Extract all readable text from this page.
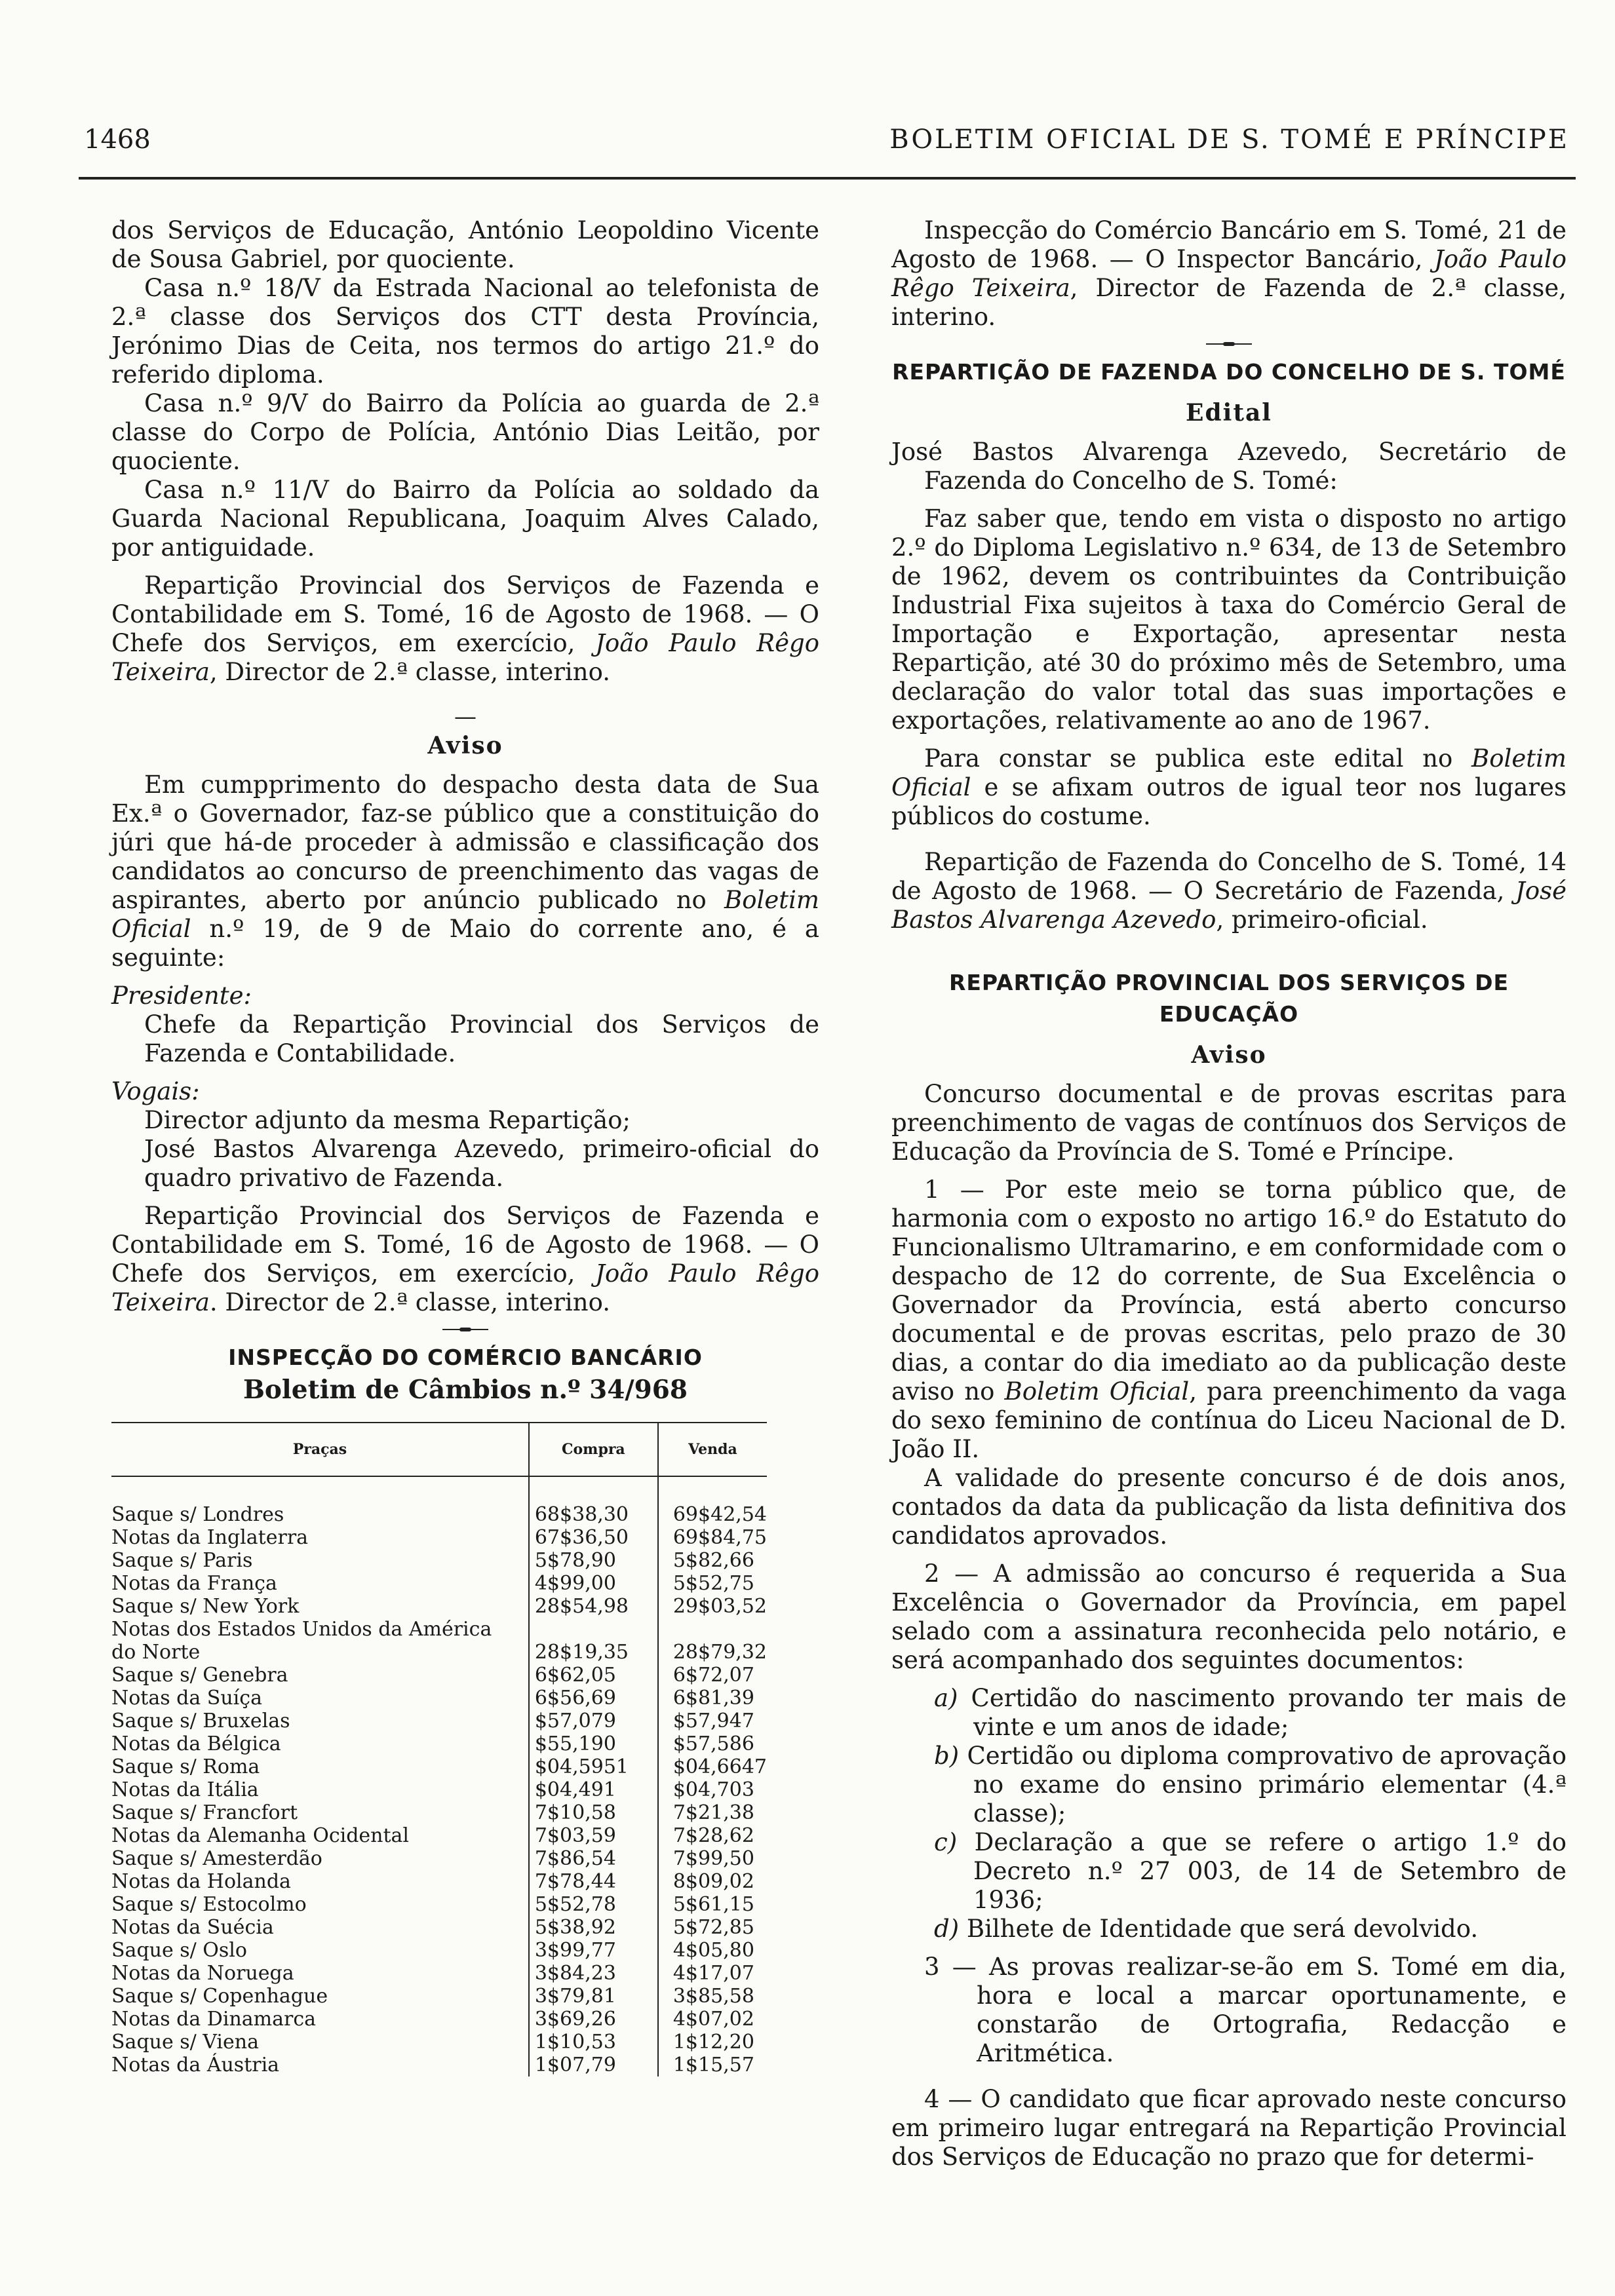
1468	BOLETIM OFICIAL DE S. TOMÉ E PRÍNCIPE

dos Serviços de Educação, António Leopoldino Vicente de Sousa Gabriel, por quociente.

Casa n.º 18/V da Estrada Nacional ao telefonista de 2.ª classe dos Serviços dos CTT desta Província, Jerónimo Dias de Ceita, nos termos do artigo 21.º do referido diploma.

Casa n.º 9/V do Bairro da Polícia ao guarda de 2.ª classe do Corpo de Polícia, António Dias Leitão, por quociente.

Casa n.º 11/V do Bairro da Polícia ao soldado da Guarda Nacional Republicana, Joaquim Alves Calado, por antiguidade.

Repartição Provincial dos Serviços de Fazenda e Contabilidade em S. Tomé, 16 de Agosto de 1968. — O Chefe dos Serviços, em exercício, João Paulo Rêgo Teixeira, Director de 2.ª classe, interino.

—
Aviso

Em cumpprimento do despacho desta data de Sua Ex.ª o Governador, faz-se público que a constituição do júri que há-de proceder à admissão e classificação dos candidatos ao concurso de preenchimento das vagas de aspirantes, aberto por anúncio publicado no Boletim Oficial n.º 19, de 9 de Maio do corrente ano, é a seguinte:

Presidente:

Chefe da Repartição Provincial dos Serviços de Fazenda e Contabilidade.

Vogais:

Director adjunto da mesma Repartição;

José Bastos Alvarenga Azevedo, primeiro-oficial do quadro privativo de Fazenda.

Repartição Provincial dos Serviços de Fazenda e Contabilidade em S. Tomé, 16 de Agosto de 1968. — O Chefe dos Serviços, em exercício, João Paulo Rêgo Teixeira. Director de 2.ª classe, interino.

INSPECÇÃO DO COMÉRCIO BANCÁRIO
Boletim de Câmbios n.º 34/968
Praças	Compra	Venda
Saque s/ Londres	68$38,30	69$42,54
Notas da Inglaterra	67$36,50	69$84,75
Saque s/ Paris	5$78,90	5$82,66
Notas da França	4$99,00	5$52,75
Saque s/ New York	28$54,98	29$03,52
Notas dos Estados Unidos da América		
do Norte	28$19,35	28$79,32
Saque s/ Genebra	6$62,05	6$72,07
Notas da Suíça	6$56,69	6$81,39
Saque s/ Bruxelas	$57,079	$57,947
Notas da Bélgica	$55,190	$57,586
Saque s/ Roma	$04,5951	$04,6647
Notas da Itália	$04,491	$04,703
Saque s/ Francfort	7$10,58	7$21,38
Notas da Alemanha Ocidental	7$03,59	7$28,62
Saque s/ Amesterdão	7$86,54	7$99,50
Notas da Holanda	7$78,44	8$09,02
Saque s/ Estocolmo	5$52,78	5$61,15
Notas da Suécia	5$38,92	5$72,85
Saque s/ Oslo	3$99,77	4$05,80
Notas da Noruega	3$84,23	4$17,07
Saque s/ Copenhague	3$79,81	3$85,58
Notas da Dinamarca	3$69,26	4$07,02
Saque s/ Viena	1$10,53	1$12,20
Notas da Áustria	1$07,79	1$15,57

Inspecção do Comércio Bancário em S. Tomé, 21 de Agosto de 1968. — O Inspector Bancário, João Paulo Rêgo Teixeira, Director de Fazenda de 2.ª classe, interino.

REPARTIÇÃO DE FAZENDA DO CONCELHO DE S. TOMÉ
Edital

José Bastos Alvarenga Azevedo, Secretário de Fazenda do Concelho de S. Tomé:

Faz saber que, tendo em vista o disposto no artigo 2.º do Diploma Legislativo n.º 634, de 13 de Setembro de 1962, devem os contribuintes da Contribuição Industrial Fixa sujeitos à taxa do Comércio Geral de Importação e Exportação, apresentar nesta Repartição, até 30 do próximo mês de Setembro, uma declaração do valor total das suas importações e exportações, relativamente ao ano de 1967.

Para constar se publica este edital no Boletim Oficial e se afixam outros de igual teor nos lugares públicos do costume.

Repartição de Fazenda do Concelho de S. Tomé, 14 de Agosto de 1968. — O Secretário de Fazenda, José Bastos Alvarenga Azevedo, primeiro-oficial.

REPARTIÇÃO PROVINCIAL DOS SERVIÇOS DE EDUCAÇÃO
Aviso

Concurso documental e de provas escritas para preenchimento de vagas de contínuos dos Serviços de Educação da Província de S. Tomé e Príncipe.

1 — Por este meio se torna público que, de harmonia com o exposto no artigo 16.º do Estatuto do Funcionalismo Ultramarino, e em conformidade com o despacho de 12 do corrente, de Sua Excelência o Governador da Província, está aberto concurso documental e de provas escritas, pelo prazo de 30 dias, a contar do dia imediato ao da publicação deste aviso no Boletim Oficial, para preenchimento da vaga do sexo feminino de contínua do Liceu Nacional de D. João II.

A validade do presente concurso é de dois anos, contados da data da publicação da lista definitiva dos candidatos aprovados.

2 — A admissão ao concurso é requerida a Sua Excelência o Governador da Província, em papel selado com a assinatura reconhecida pelo notário, e será acompanhado dos seguintes documentos:

a) Certidão do nascimento provando ter mais de vinte e um anos de idade;

b) Certidão ou diploma comprovativo de aprovação no exame do ensino primário elementar (4.ª classe);

c) Declaração a que se refere o artigo 1.º do Decreto n.º 27 003, de 14 de Setembro de 1936;

d) Bilhete de Identidade que será devolvido.

3 — As provas realizar-se-ão em S. Tomé em dia, hora e local a marcar oportunamente, e constarão de Ortografia, Redacção e Aritmética.

4 — O candidato que ficar aprovado neste concurso em primeiro lugar entregará na Repartição Provincial dos Serviços de Educação no prazo que for determi-
